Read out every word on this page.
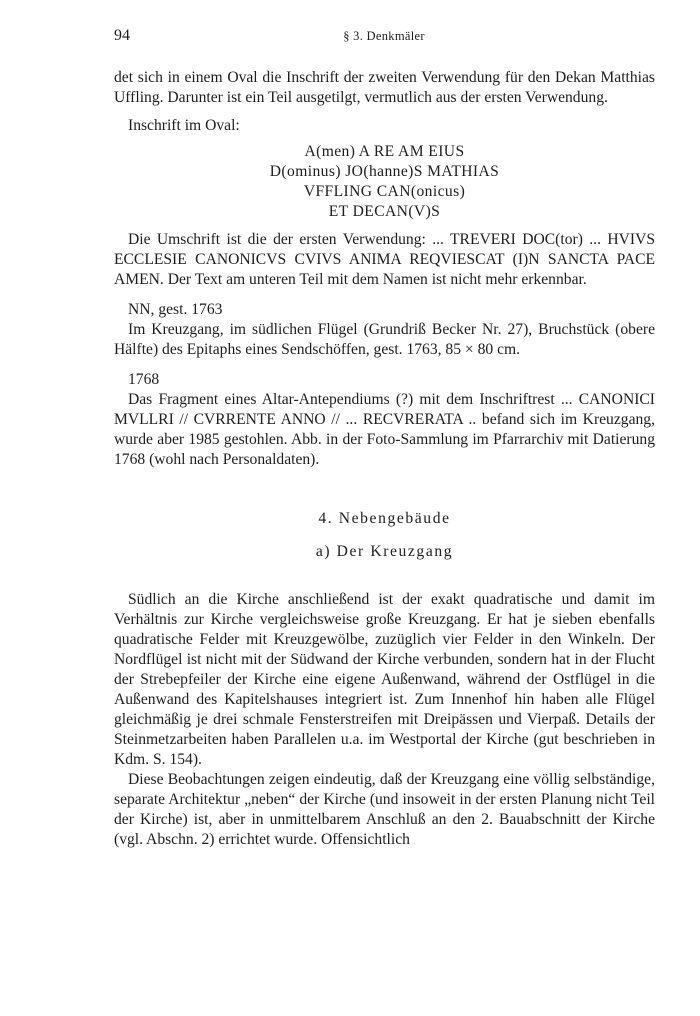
94	§ 3. Denkmäler

det sich in einem Oval die Inschrift der zweiten Verwendung für den Dekan Matthias Uffling. Darunter ist ein Teil ausgetilgt, vermutlich aus der ersten Verwendung.

Inschrift im Oval:

A(men) A RE AM EIUS
D(ominus) JO(hanne)S MATHIAS
VFFLING CAN(onicus)
ET DECAN(V)S

Die Umschrift ist die der ersten Verwendung: ... TREVERI DOC(tor) ... HVIVS ECCLESIE CANONICVS CVIVS ANIMA REQVIESCAT (I)N SANCTA PACE AMEN. Der Text am unteren Teil mit dem Namen ist nicht mehr erkennbar.

NN, gest. 1763

Im Kreuzgang, im südlichen Flügel (Grundriß Becker Nr. 27), Bruchstück (obere Hälfte) des Epitaphs eines Sendschöffen, gest. 1763, 85 × 80 cm.

1768

Das Fragment eines Altar-Antependiums (?) mit dem Inschriftrest ... CANONICI MVLLRI // CVRRENTE ANNO // ... RECVRERATA .. befand sich im Kreuzgang, wurde aber 1985 gestohlen. Abb. in der Foto-Sammlung im Pfarrarchiv mit Datierung 1768 (wohl nach Personaldaten).

4. Nebengebäude
a) Der Kreuzgang

Südlich an die Kirche anschließend ist der exakt quadratische und damit im Verhältnis zur Kirche vergleichsweise große Kreuzgang. Er hat je sieben ebenfalls quadratische Felder mit Kreuzgewölbe, zuzüglich vier Felder in den Winkeln. Der Nordflügel ist nicht mit der Südwand der Kirche verbunden, sondern hat in der Flucht der Strebepfeiler der Kirche eine eigene Außenwand, während der Ostflügel in die Außenwand des Kapitelshauses integriert ist. Zum Innenhof hin haben alle Flügel gleichmäßig je drei schmale Fensterstreifen mit Dreipässen und Vierpaß. Details der Steinmetzarbeiten haben Parallelen u.a. im Westportal der Kirche (gut beschrieben in Kdm. S. 154).

Diese Beobachtungen zeigen eindeutig, daß der Kreuzgang eine völlig selbständige, separate Architektur „neben“ der Kirche (und insoweit in der ersten Planung nicht Teil der Kirche) ist, aber in unmittelbarem Anschluß an den 2. Bauabschnitt der Kirche (vgl. Abschn. 2) errichtet wurde. Offensichtlich
